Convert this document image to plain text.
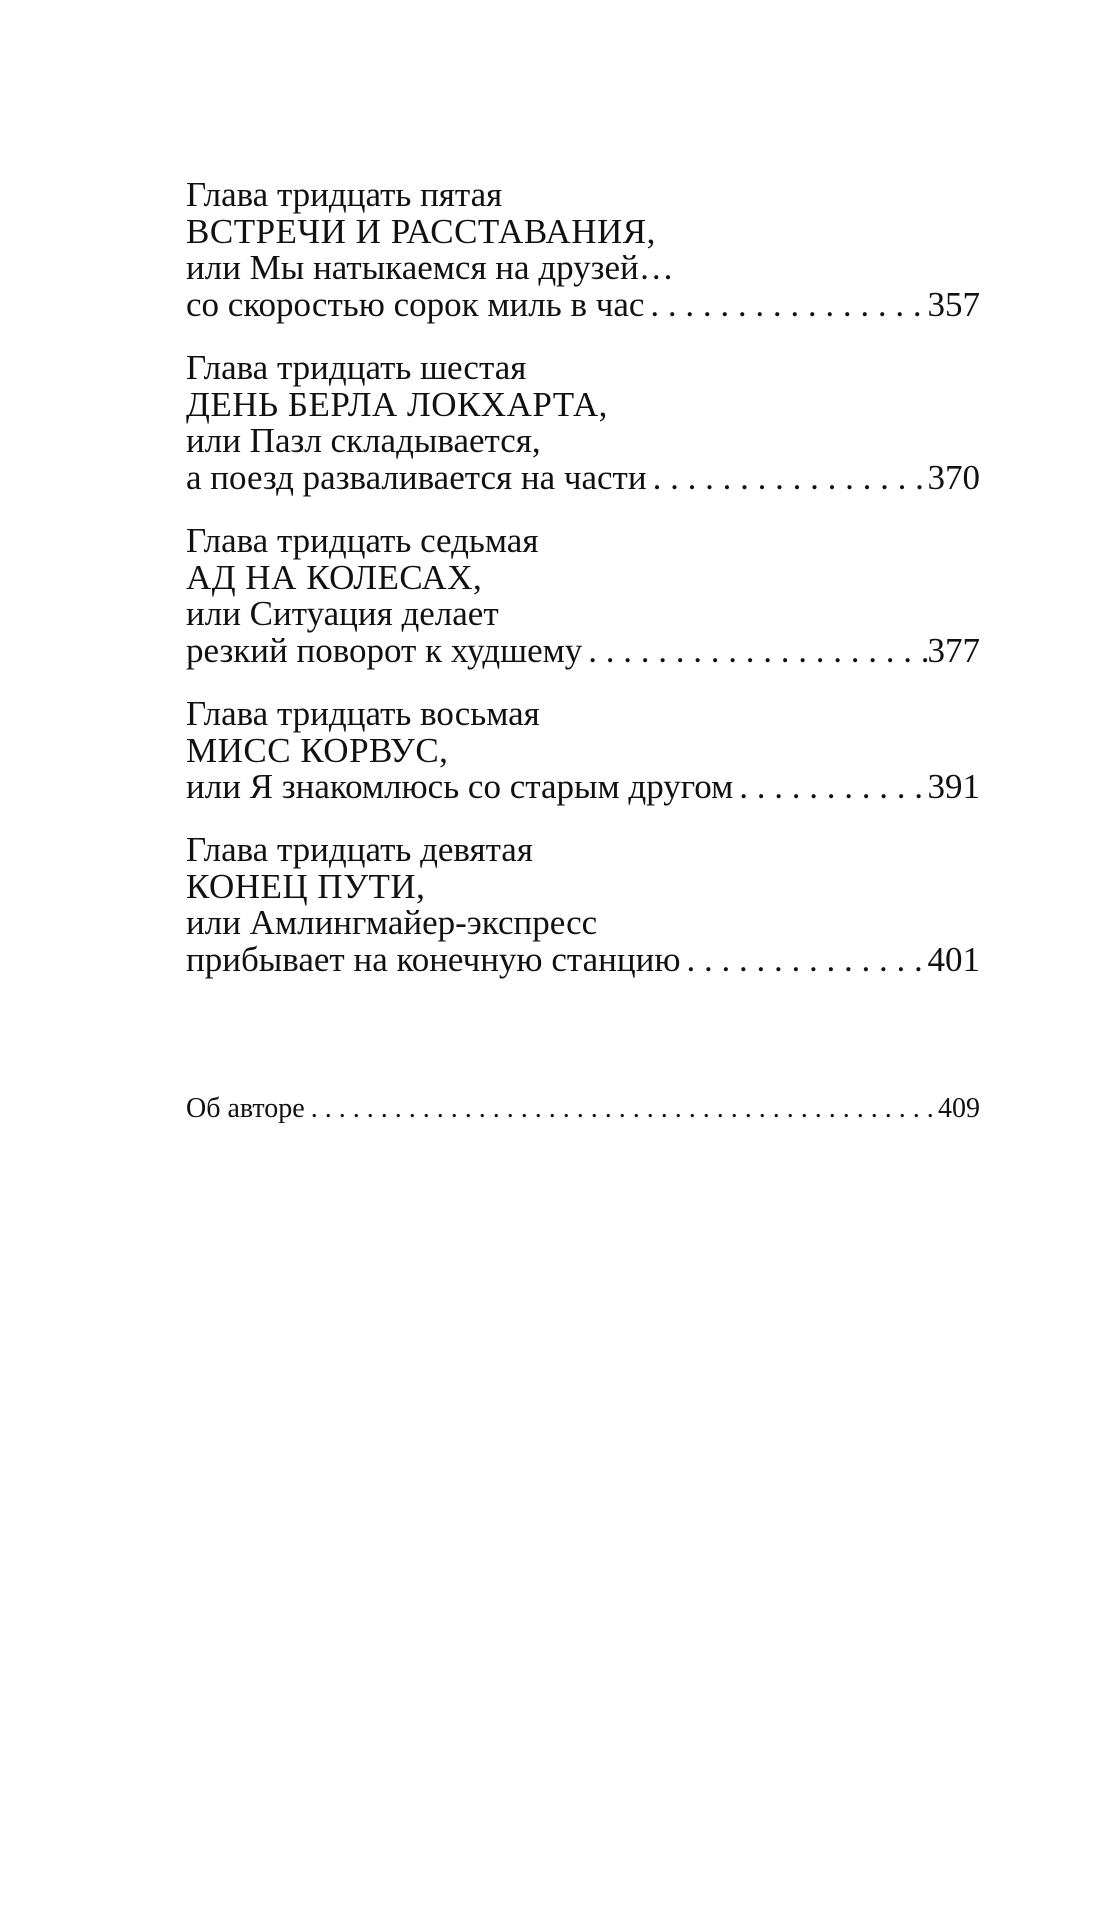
Глава тридцать пятая
ВСТРЕЧИ И РАССТАВАНИЯ,
или Мы натыкаемся на друзей…
со скоростью сорок миль в час . . .	357
Глава тридцать шестая
ДЕНЬ БЕРЛА ЛОКХАРТА,
или Пазл складывается,
а поезд разваливается на части . . .	370
Глава тридцать седьмая
АД НА КОЛЕСАХ,
или Ситуация делает
резкий поворот к худшему . . .	377
Глава тридцать восьмая
МИСС КОРВУС,
или Я знакомлюсь со старым другом . . .	391
Глава тридцать девятая
КОНЕЦ ПУТИ,
или Амлингмайер-экспресс
прибывает на конечную станцию . . .	401
Об авторе . . .	409
